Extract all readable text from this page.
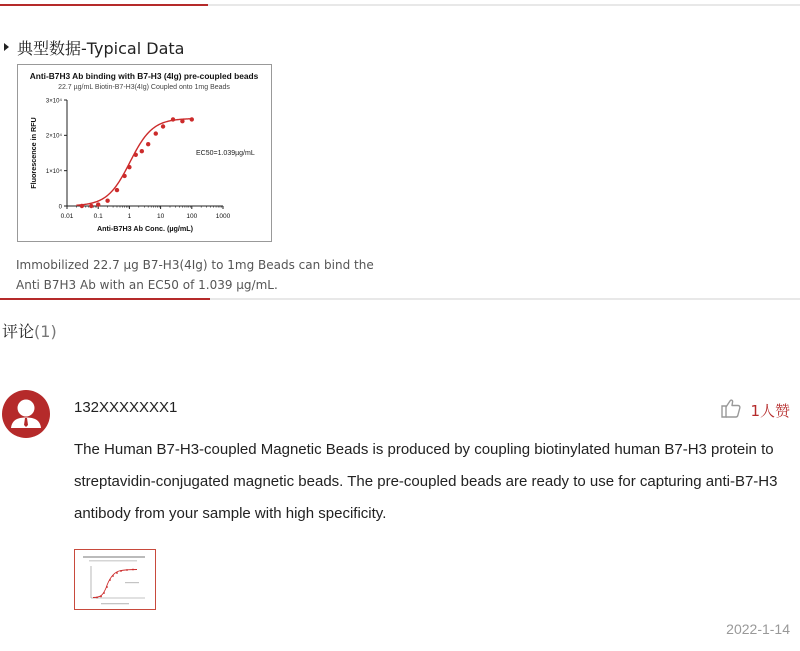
典型数据-Typical Data
Anti-B7H3 Ab binding with B7-H3 (4Ig) pre-coupled beads
22.7 µg/mL Biotin-B7-H3(4Ig) Coupled onto 1mg Beads
0.01	0.1	1	10	100	1000
0
1×10⁴
2×10⁴
3×10⁴
Anti-B7H3 Ab Conc. (µg/mL)
Fluorescence in RFU	EC50=1.039µg/mL
Immobilized 22.7 µg B7-H3(4Ig) to 1mg Beads can bind the
Anti B7H3 Ab with an EC50 of 1.039 µg/mL.
评论(1)
132XXXXXXX1	1人赞
The Human B7-H3-coupled Magnetic Beads is produced by coupling biotinylated human B7-H3 protein to streptavidin-conjugated magnetic beads. The pre-coupled beads are ready to use for capturing anti-B7-H3 antibody from your sample with high specificity.
2022-1-14
